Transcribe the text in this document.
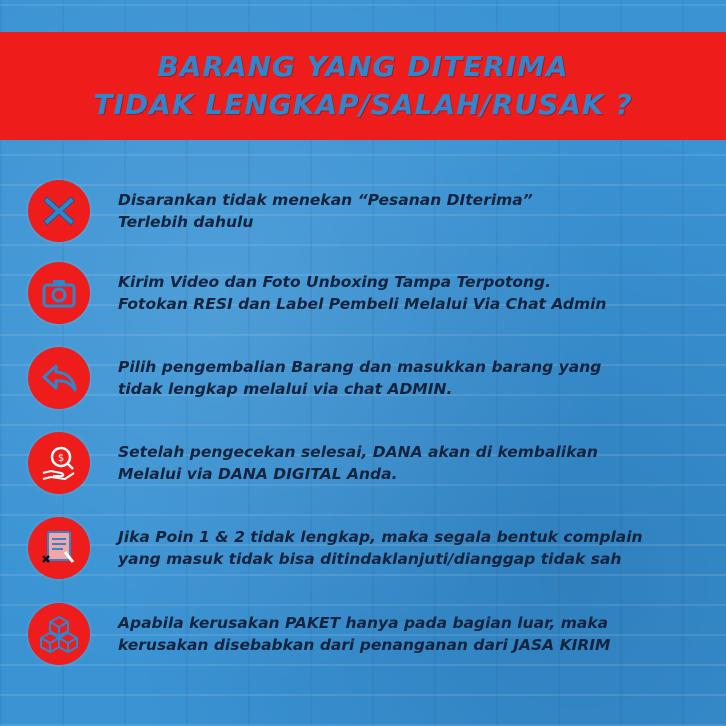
BARANG YANG DITERIMA
TIDAK LENGKAP/SALAH/RUSAK ?
Disarankan tidak menekan “Pesanan DIterima”
Terlebih dahulu
Kirim Video dan Foto Unboxing Tampa Terpotong.
Fotokan RESI dan Label Pembeli Melalui Via Chat Admin
Pilih pengembalian Barang dan masukkan barang yang
tidak lengkap melalui via chat ADMIN.
$	Setelah pengecekan selesai, DANA akan di kembalikan
Melalui via DANA DIGITAL Anda.
Jika Poin 1 & 2 tidak lengkap, maka segala bentuk complain
yang masuk tidak bisa ditindaklanjuti/dianggap tidak sah
Apabila kerusakan PAKET hanya pada bagian luar, maka
kerusakan disebabkan dari penanganan dari JASA KIRIM
